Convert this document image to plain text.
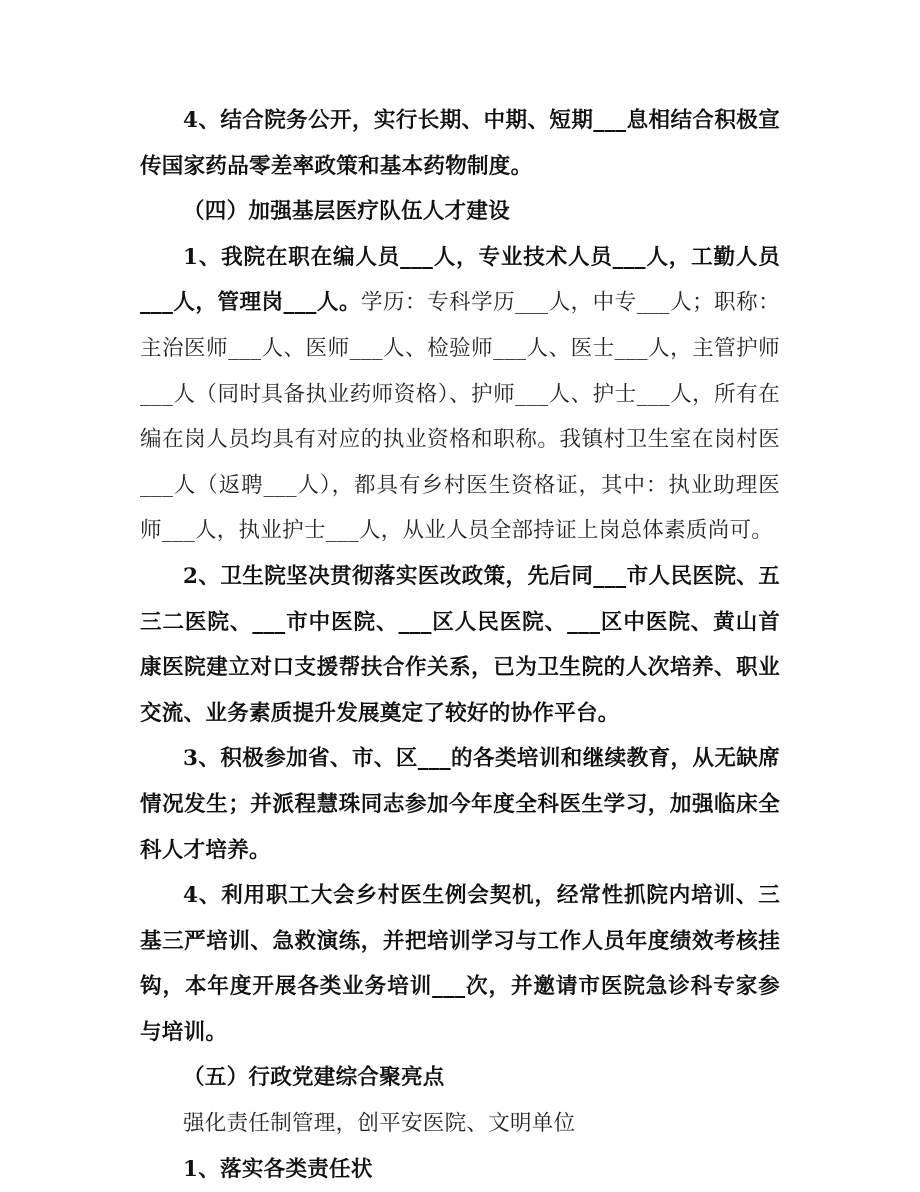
4、结合院务公开，实行长期、中期、短期___息相结合积极宣传国家药品零差率政策和基本药物制度。

（四）加强基层医疗队伍人才建设

1、我院在职在编人员___人，专业技术人员___人，工勤人员___人，管理岗___人。学历：专科学历___人，中专___人；职称：主治医师___人、医师___人、检验师___人、医士___人，主管护师___人（同时具备执业药师资格）、护师___人、护士___人，所有在编在岗人员均具有对应的执业资格和职称。我镇村卫生室在岗村医___人（返聘___人），都具有乡村医生资格证，其中：执业助理医师___人，执业护士___人，从业人员全部持证上岗总体素质尚可。

2、卫生院坚决贯彻落实医改政策，先后同___市人民医院、五三二医院、___市中医院、___区人民医院、___区中医院、黄山首康医院建立对口支援帮扶合作关系，已为卫生院的人次培养、职业交流、业务素质提升发展奠定了较好的协作平台。

3、积极参加省、市、区___的各类培训和继续教育，从无缺席情况发生；并派程慧珠同志参加今年度全科医生学习，加强临床全科人才培养。

4、利用职工大会乡村医生例会契机，经常性抓院内培训、三基三严培训、急救演练，并把培训学习与工作人员年度绩效考核挂钩，本年度开展各类业务培训___次，并邀请市医院急诊科专家参与培训。

（五）行政党建综合聚亮点

强化责任制管理，创平安医院、文明单位

1、落实各类责任状
